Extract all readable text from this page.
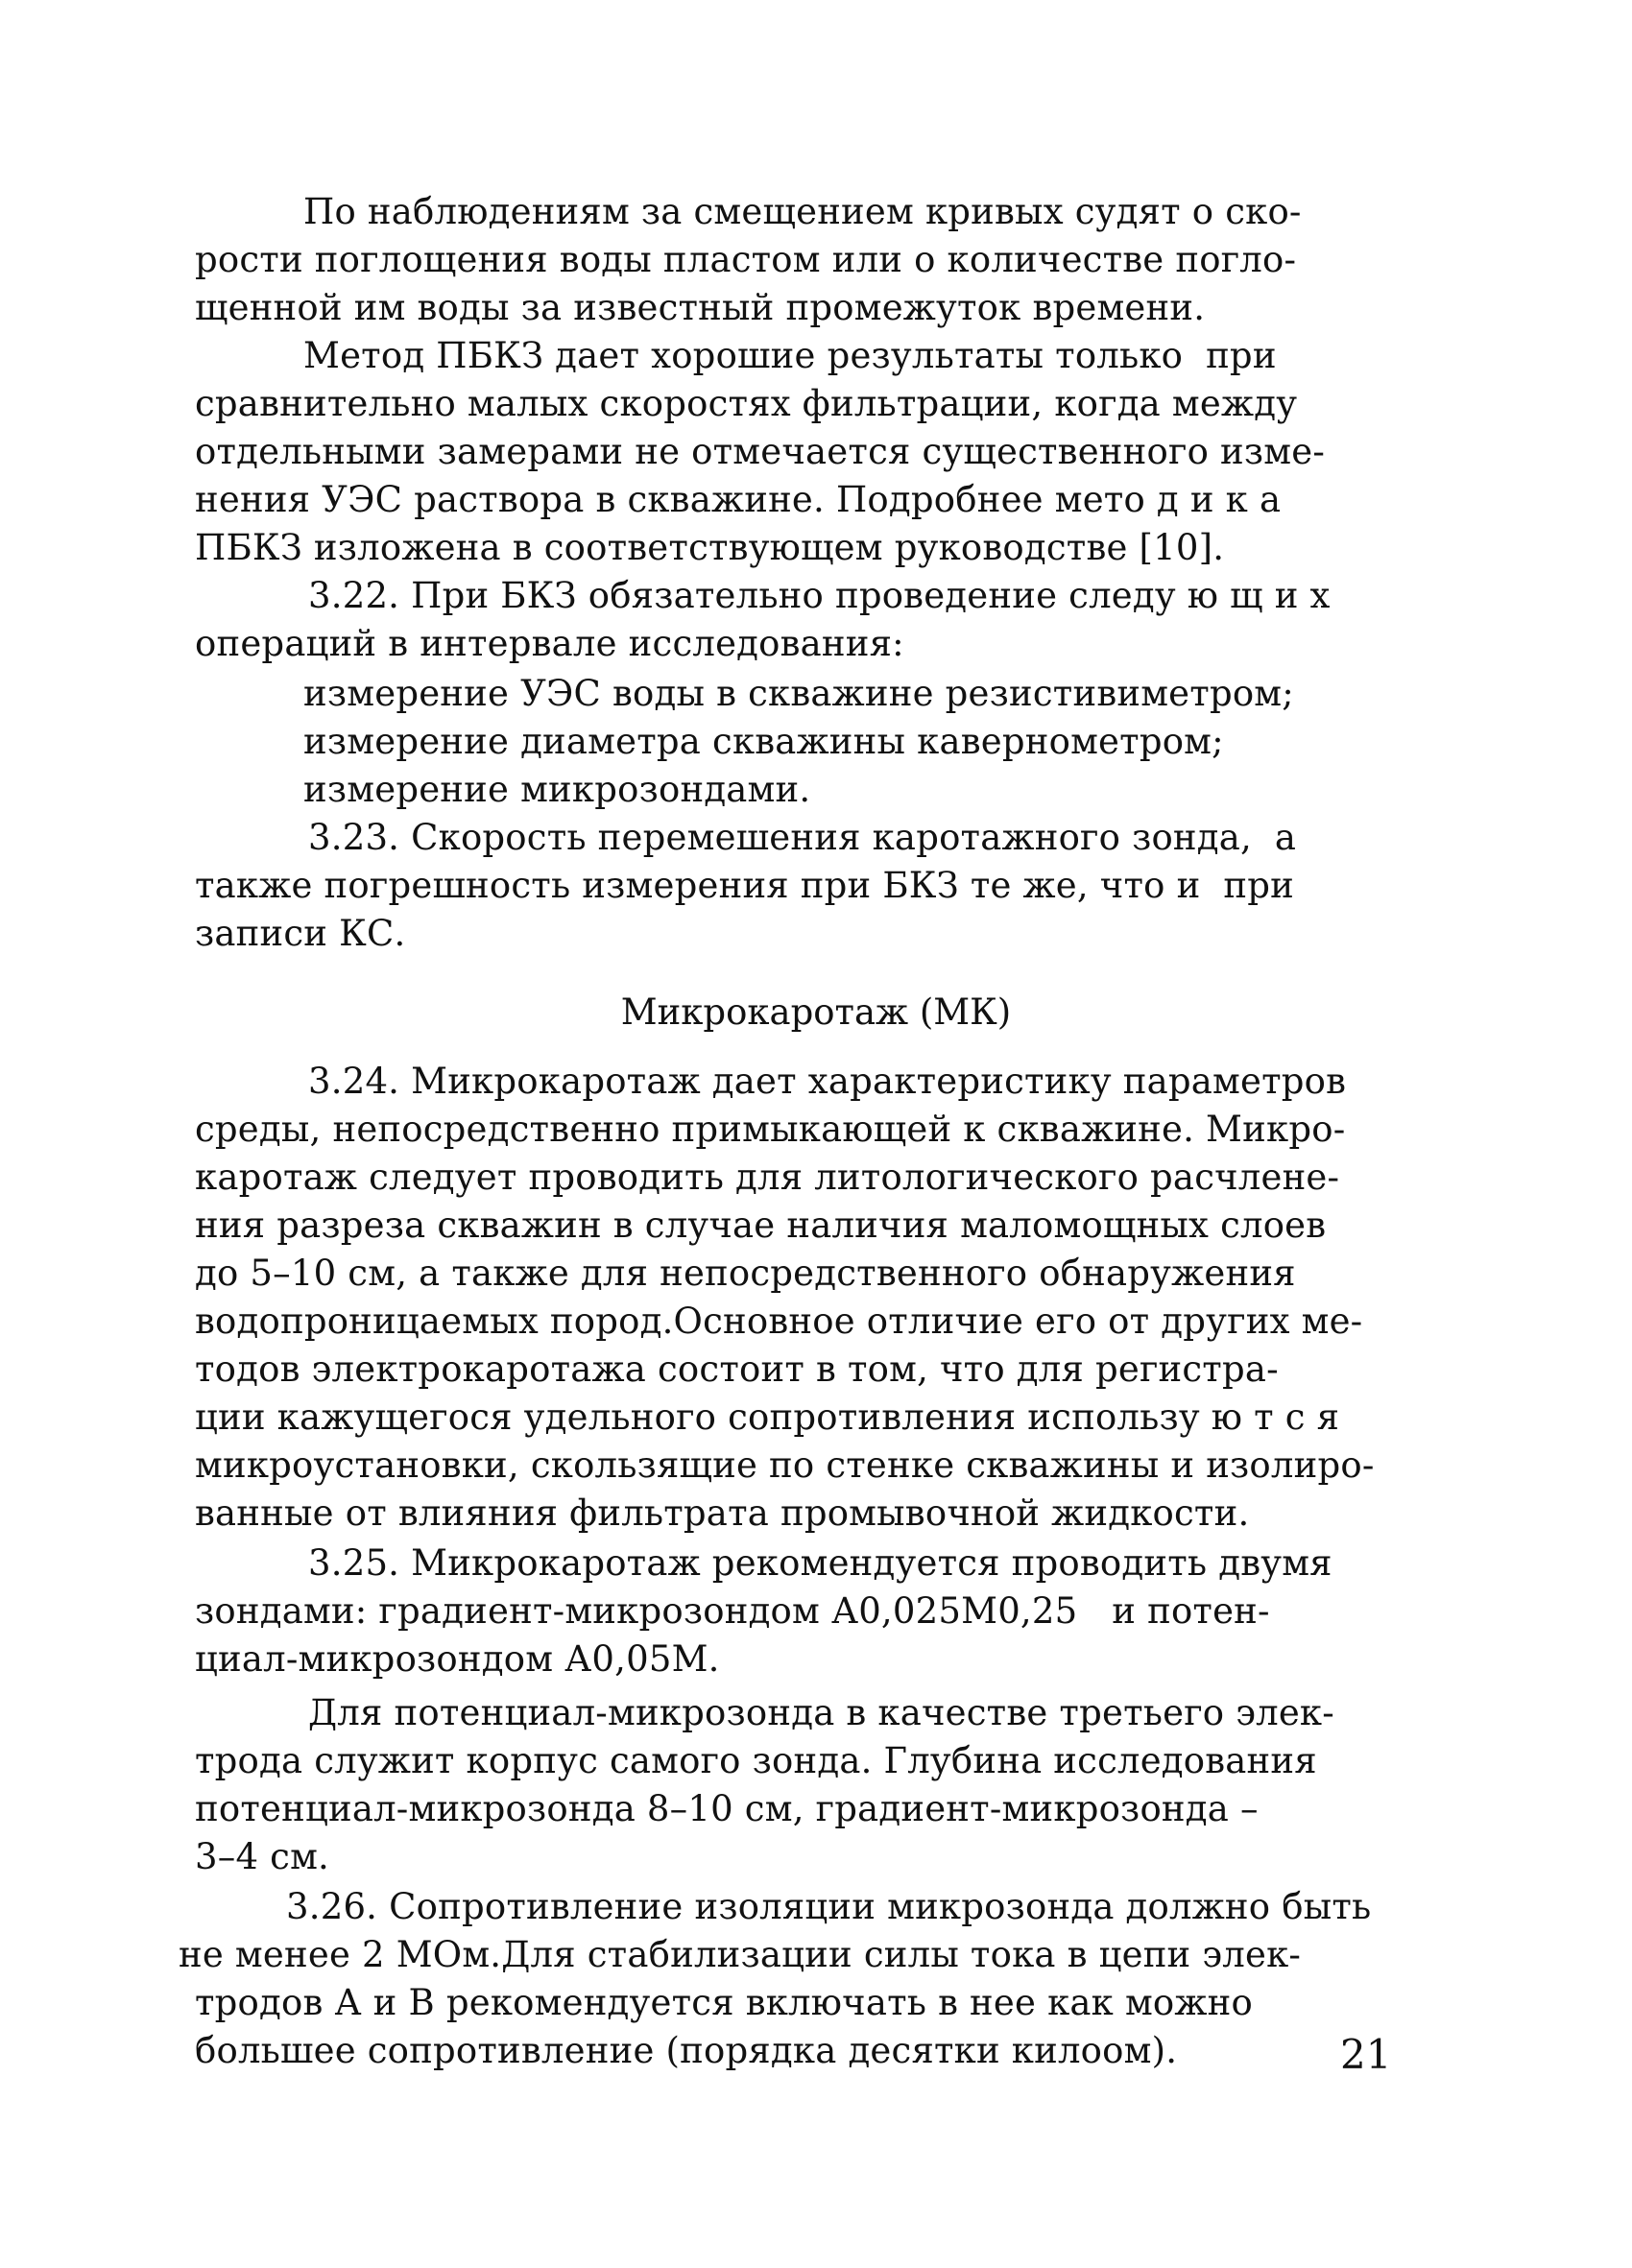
По наблюдениям за смещением кривых судят о ско-
рости поглощения воды пластом или о количестве погло-
щенной им воды за известный промежуток времени.
Метод ПБКЗ дает хорошие результаты только  при
сравнительно малых скоростях фильтрации, когда между
отдельными замерами не отмечается существенного изме-
нения УЭС раствора в скважине. Подробнее мето д и к а
ПБКЗ изложена в соответствующем руководстве [10].
3.22. При БКЗ обязательно проведение следу ю щ и х
операций в интервале исследования:
измерение УЭС воды в скважине резистивиметром;
измерение диаметра скважины кавернометром;
измерение микрозондами.
3.23. Скорость перемешения каротажного зонда,  а
также погрешность измерения при БКЗ те же, что и  при
записи КС.
Микрокаротаж (МК)
3.24. Микрокаротаж дает характеристику параметров
среды, непосредственно примыкающей к скважине. Микро-
каротаж следует проводить для литологического расчлене-
ния разреза скважин в случае наличия маломощных слоев
до 5–10 см, а также для непосредственного обнаружения
водопроницаемых пород.Основное отличие его от других ме-
тодов электрокаротажа состоит в том, что для регистра-
ции кажущегося удельного сопротивления использу ю т с я
микроустановки, скользящие по стенке скважины и изолиро-
ванные от влияния фильтрата промывочной жидкости.
3.25. Микрокаротаж рекомендуется проводить двумя
зондами: градиент-микрозондом А0,025М0,25   и потен-
циал-микрозондом А0,05М.
Для потенциал-микрозонда в качестве третьего элек-
трода служит корпус самого зонда. Глубина исследования
потенциал-микрозонда 8–10 см, градиент-микрозонда –
3–4 см.
3.26. Сопротивление изоляции микрозонда должно быть
не менее 2 МОм.Для стабилизации силы тока в цепи элек-
тродов А и В рекомендуется включать в нее как можно
большее сопротивление (порядка десятки килоом).	21
